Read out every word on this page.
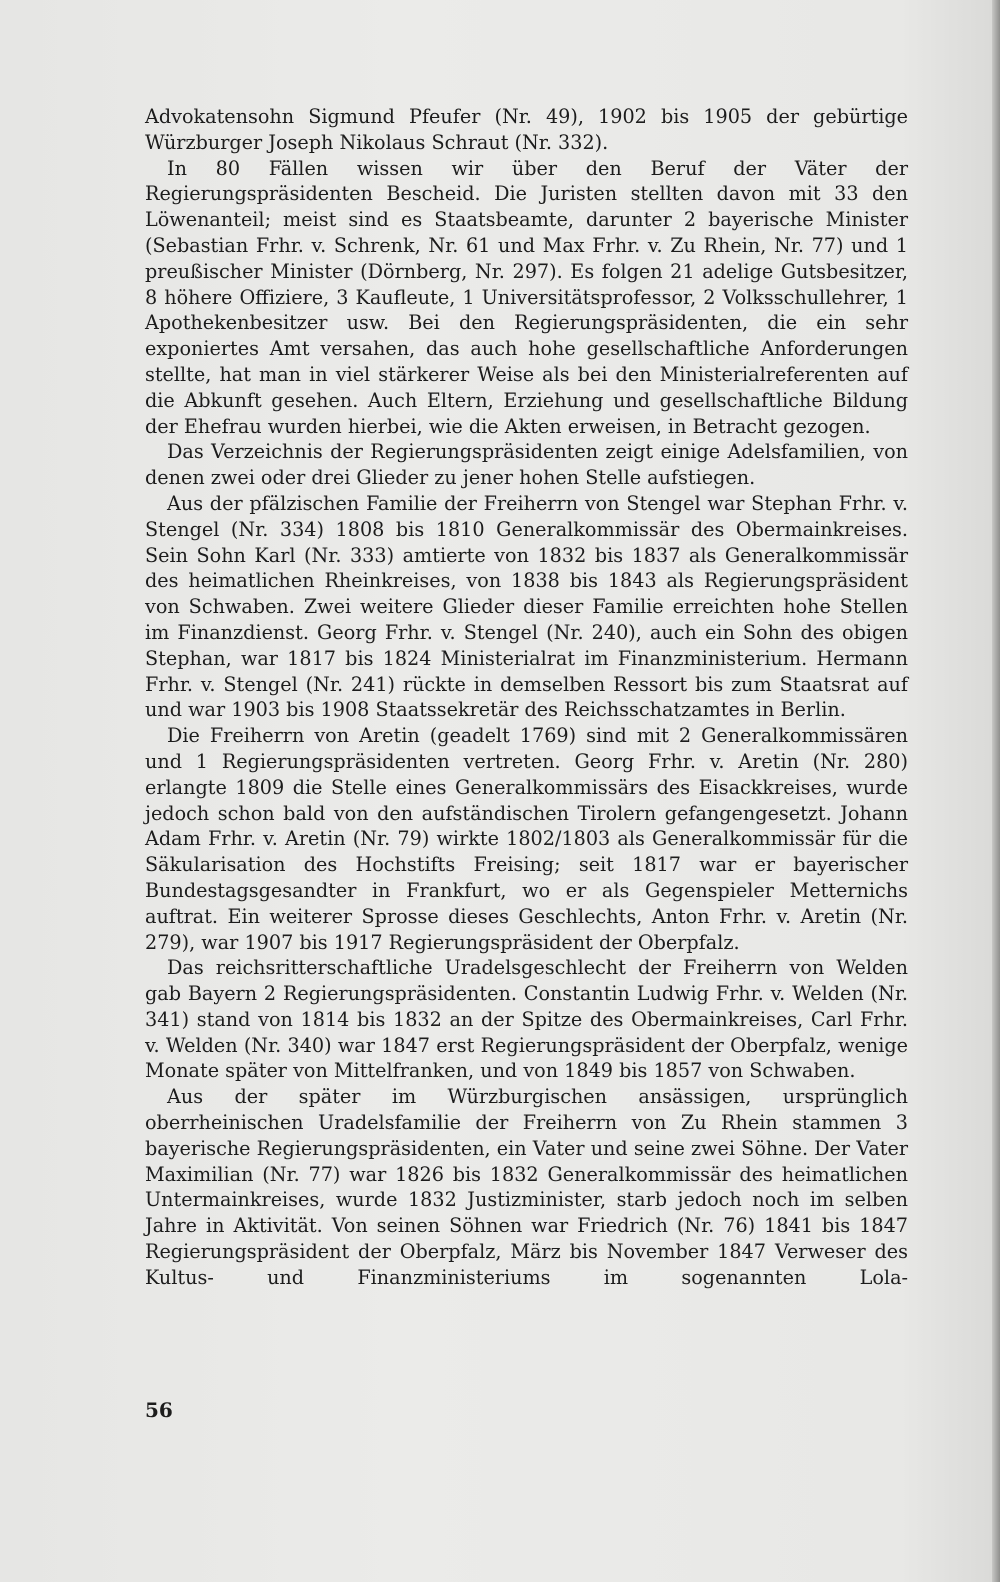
Advokatensohn Sigmund Pfeufer (Nr. 49), 1902 bis 1905 der gebürtige Würzburger Joseph Nikolaus Schraut (Nr. 332).

In 80 Fällen wissen wir über den Beruf der Väter der Regierungspräsidenten Bescheid. Die Juristen stellten davon mit 33 den Löwenanteil; meist sind es Staatsbeamte, darunter 2 bayerische Minister (Sebastian Frhr. v. Schrenk, Nr. 61 und Max Frhr. v. Zu Rhein, Nr. 77) und 1 preußischer Minister (Dörnberg, Nr. 297). Es folgen 21 adelige Gutsbesitzer, 8 höhere Offiziere, 3 Kaufleute, 1 Universitätsprofessor, 2 Volksschullehrer, 1 Apothekenbesitzer usw. Bei den Regierungspräsidenten, die ein sehr exponiertes Amt versahen, das auch hohe gesellschaftliche Anforderungen stellte, hat man in viel stärkerer Weise als bei den Ministerialreferenten auf die Abkunft gesehen. Auch Eltern, Erziehung und gesellschaftliche Bildung der Ehefrau wurden hierbei, wie die Akten erweisen, in Betracht gezogen.

Das Verzeichnis der Regierungspräsidenten zeigt einige Adelsfamilien, von denen zwei oder drei Glieder zu jener hohen Stelle aufstiegen.

Aus der pfälzischen Familie der Freiherrn von Stengel war Stephan Frhr. v. Stengel (Nr. 334) 1808 bis 1810 Generalkommissär des Obermainkreises. Sein Sohn Karl (Nr. 333) amtierte von 1832 bis 1837 als Generalkommissär des heimatlichen Rheinkreises, von 1838 bis 1843 als Regierungspräsident von Schwaben. Zwei weitere Glieder dieser Familie erreichten hohe Stellen im Finanzdienst. Georg Frhr. v. Stengel (Nr. 240), auch ein Sohn des obigen Stephan, war 1817 bis 1824 Ministerialrat im Finanzministerium. Hermann Frhr. v. Stengel (Nr. 241) rückte in demselben Ressort bis zum Staatsrat auf und war 1903 bis 1908 Staatssekretär des Reichsschatzamtes in Berlin.

Die Freiherrn von Aretin (geadelt 1769) sind mit 2 Generalkommissären und 1 Regierungspräsidenten vertreten. Georg Frhr. v. Aretin (Nr. 280) erlangte 1809 die Stelle eines Generalkommissärs des Eisackkreises, wurde jedoch schon bald von den aufständischen Tirolern gefangengesetzt. Johann Adam Frhr. v. Aretin (Nr. 79) wirkte 1802/1803 als Generalkommissär für die Säkularisation des Hochstifts Freising; seit 1817 war er bayerischer Bundestagsgesandter in Frankfurt, wo er als Gegenspieler Metternichs auftrat. Ein weiterer Sprosse dieses Geschlechts, Anton Frhr. v. Aretin (Nr. 279), war 1907 bis 1917 Regierungspräsident der Oberpfalz.

Das reichsritterschaftliche Uradelsgeschlecht der Freiherrn von Welden gab Bayern 2 Regierungspräsidenten. Constantin Ludwig Frhr. v. Welden (Nr. 341) stand von 1814 bis 1832 an der Spitze des Obermainkreises, Carl Frhr. v. Welden (Nr. 340) war 1847 erst Regierungspräsident der Oberpfalz, wenige Monate später von Mittelfranken, und von 1849 bis 1857 von Schwaben.

Aus der später im Würzburgischen ansässigen, ursprünglich oberrheinischen Uradelsfamilie der Freiherrn von Zu Rhein stammen 3 bayerische Regierungspräsidenten, ein Vater und seine zwei Söhne. Der Vater Maximilian (Nr. 77) war 1826 bis 1832 Generalkommissär des heimatlichen Untermainkreises, wurde 1832 Justizminister, starb jedoch noch im selben Jahre in Aktivität. Von seinen Söhnen war Friedrich (Nr. 76) 1841 bis 1847 Regierungspräsident der Oberpfalz, März bis November 1847 Verweser des Kultus- und Finanzministeriums im sogenannten Lola-

56
